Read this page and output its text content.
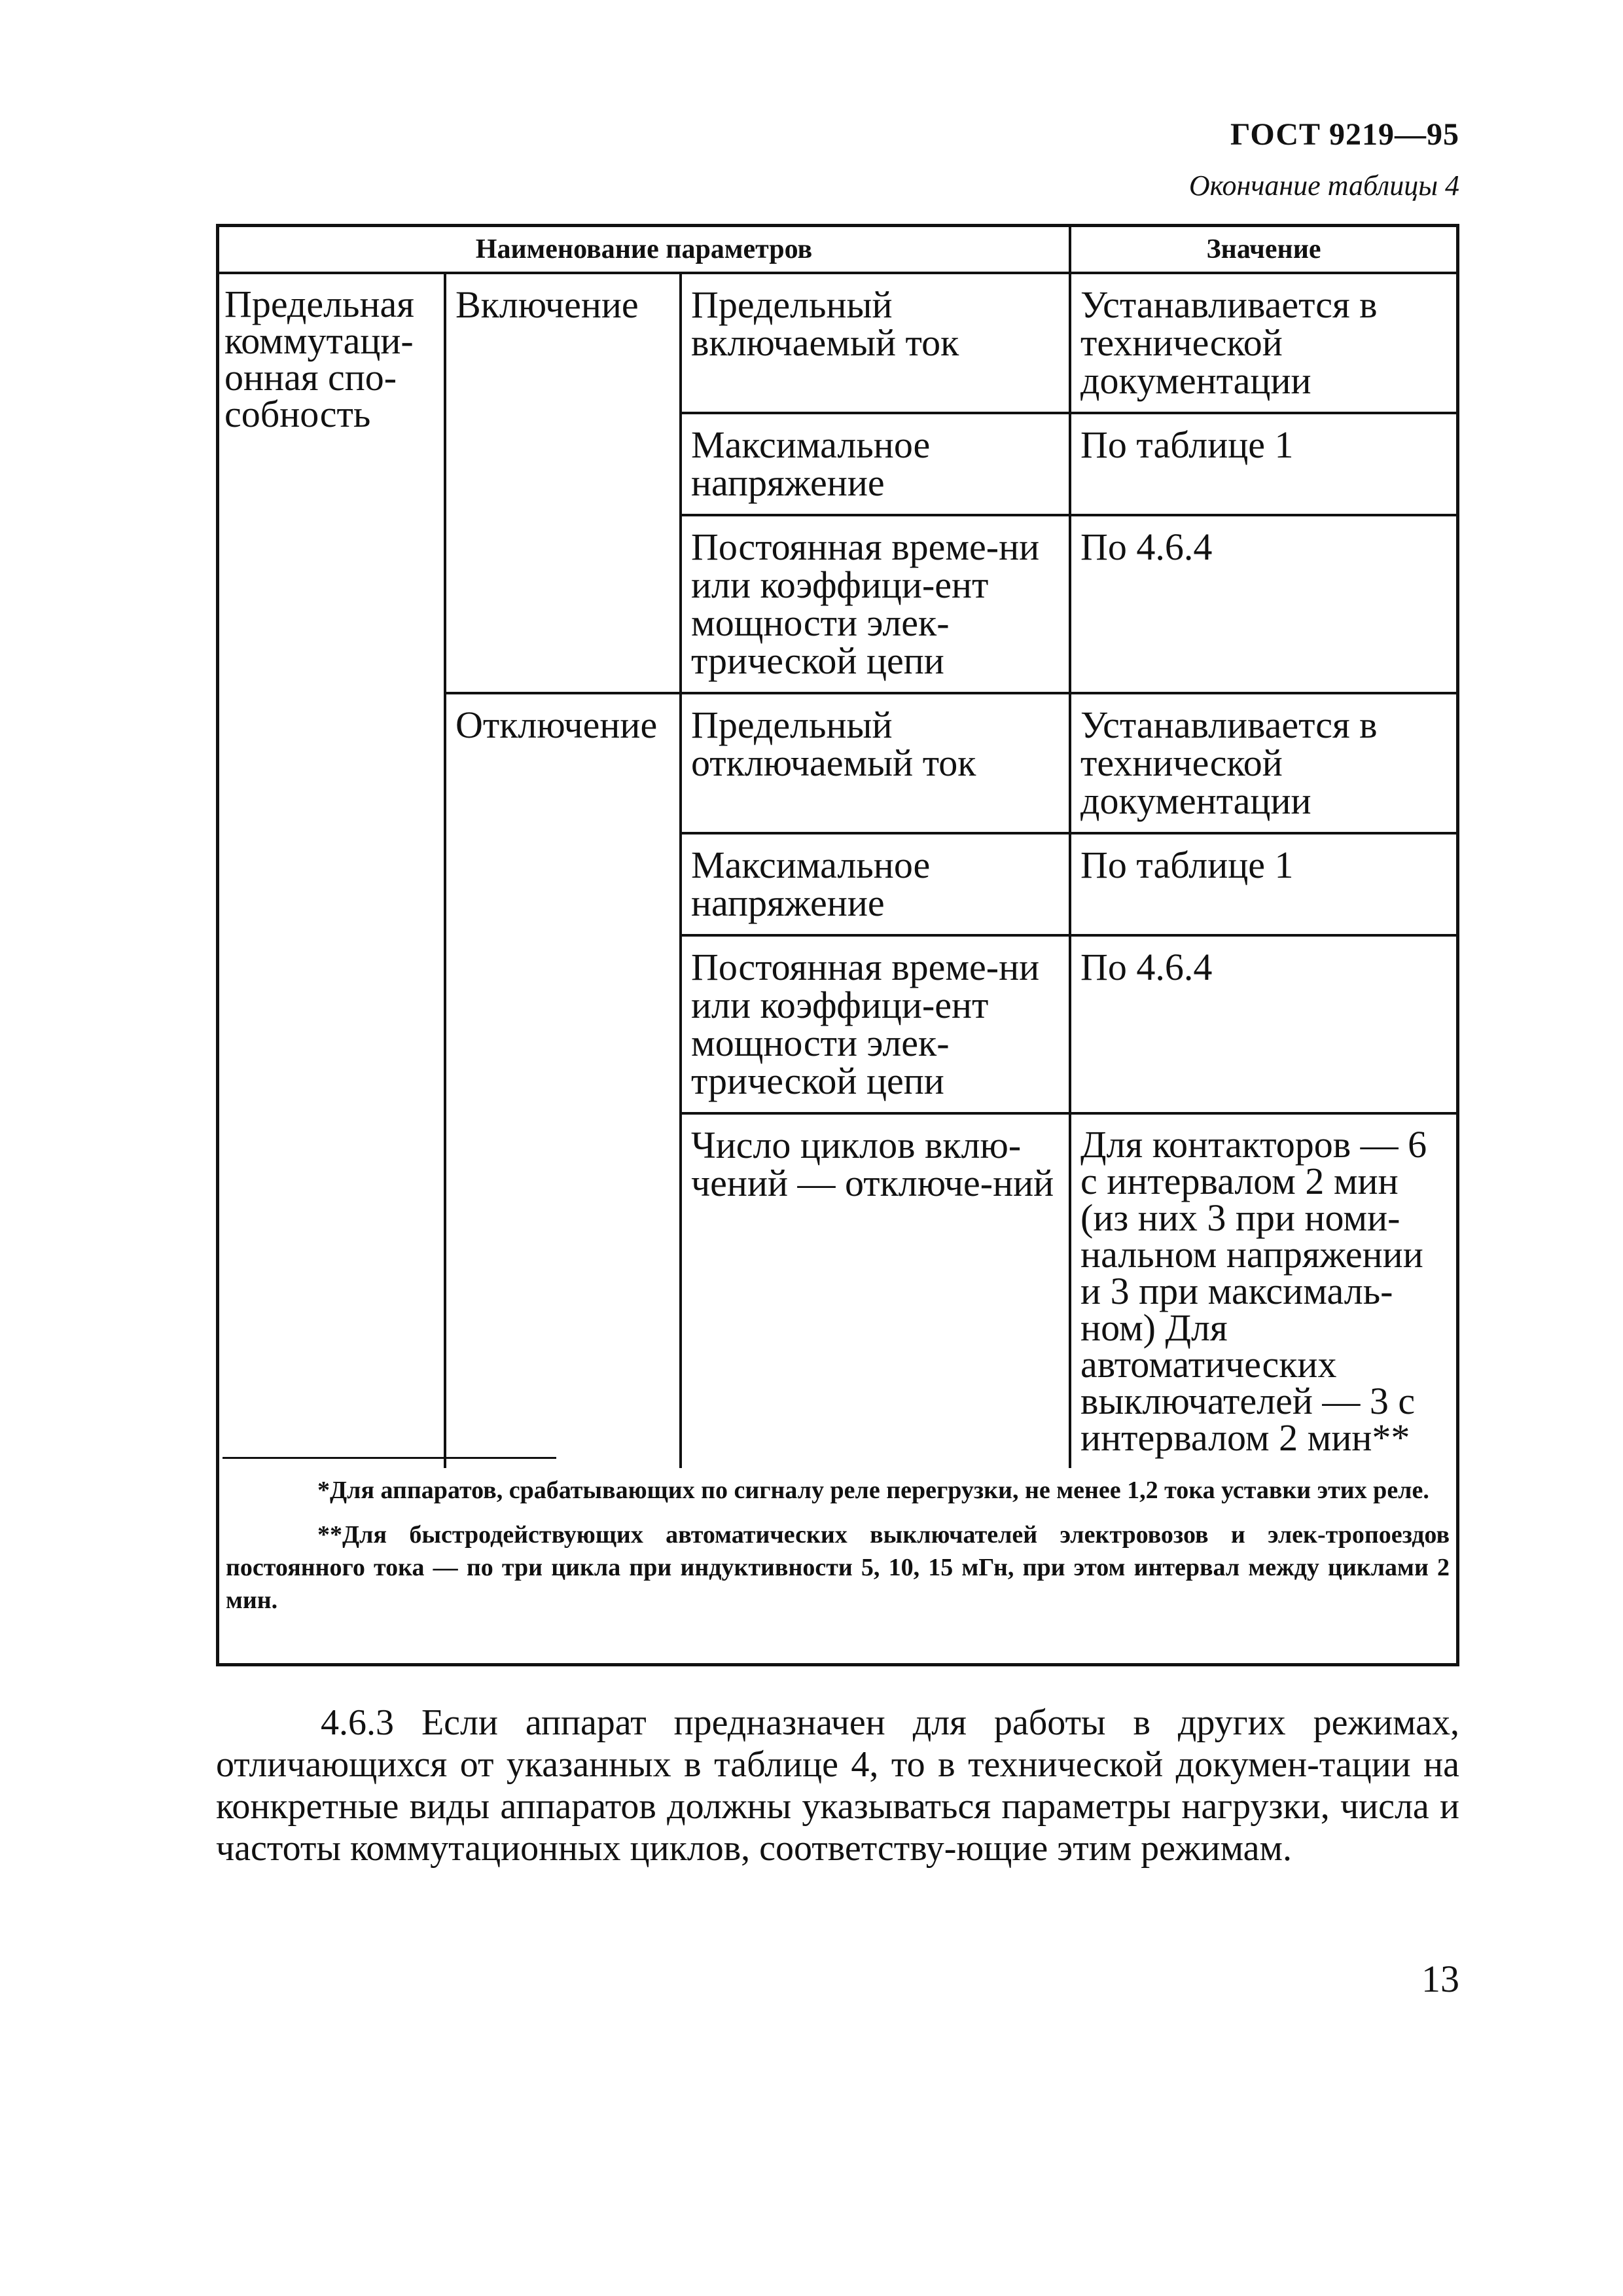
ГОСТ 9219—95
Окончание таблицы 4
Наименование параметров			Значение
Предельная коммутаци-онная спо-собность	Включение	Предельный включаемый ток	Устанавливается в технической документации
		Максимальное напряжение	По таблице 1
		Постоянная време-ни или коэффици-ент мощности элек-трической цепи	По 4.6.4
	Отключение	Предельный отключаемый ток	Устанавливается в технической документации
		Максимальное напряжение	По таблице 1
		Постоянная време-ни или коэффици-ент мощности элек-трической цепи	По 4.6.4
		Число циклов вклю-чений — отключе-ний	Для контакторов — 6 с интервалом 2 мин (из них 3 при номи-нальном напряжении и 3 при максималь-ном) Для автоматических выключателей — 3 с интервалом 2 мин**

*Для аппаратов, срабатывающих по сигналу реле перегрузки, не менее 1,2 тока уставки этих реле.

**Для быстродействующих автоматических выключателей электровозов и элек-тропоездов постоянного тока — по три цикла при индуктивности 5, 10, 15 мГн, при этом интервал между циклами 2 мин.

4.6.3 Если аппарат предназначен для работы в других режимах, отличающихся от указанных в таблице 4, то в технической докумен-тации на конкретные виды аппаратов должны указываться параметры нагрузки, числа и частоты коммутационных циклов, соответству-ющие этим режимам.

13
